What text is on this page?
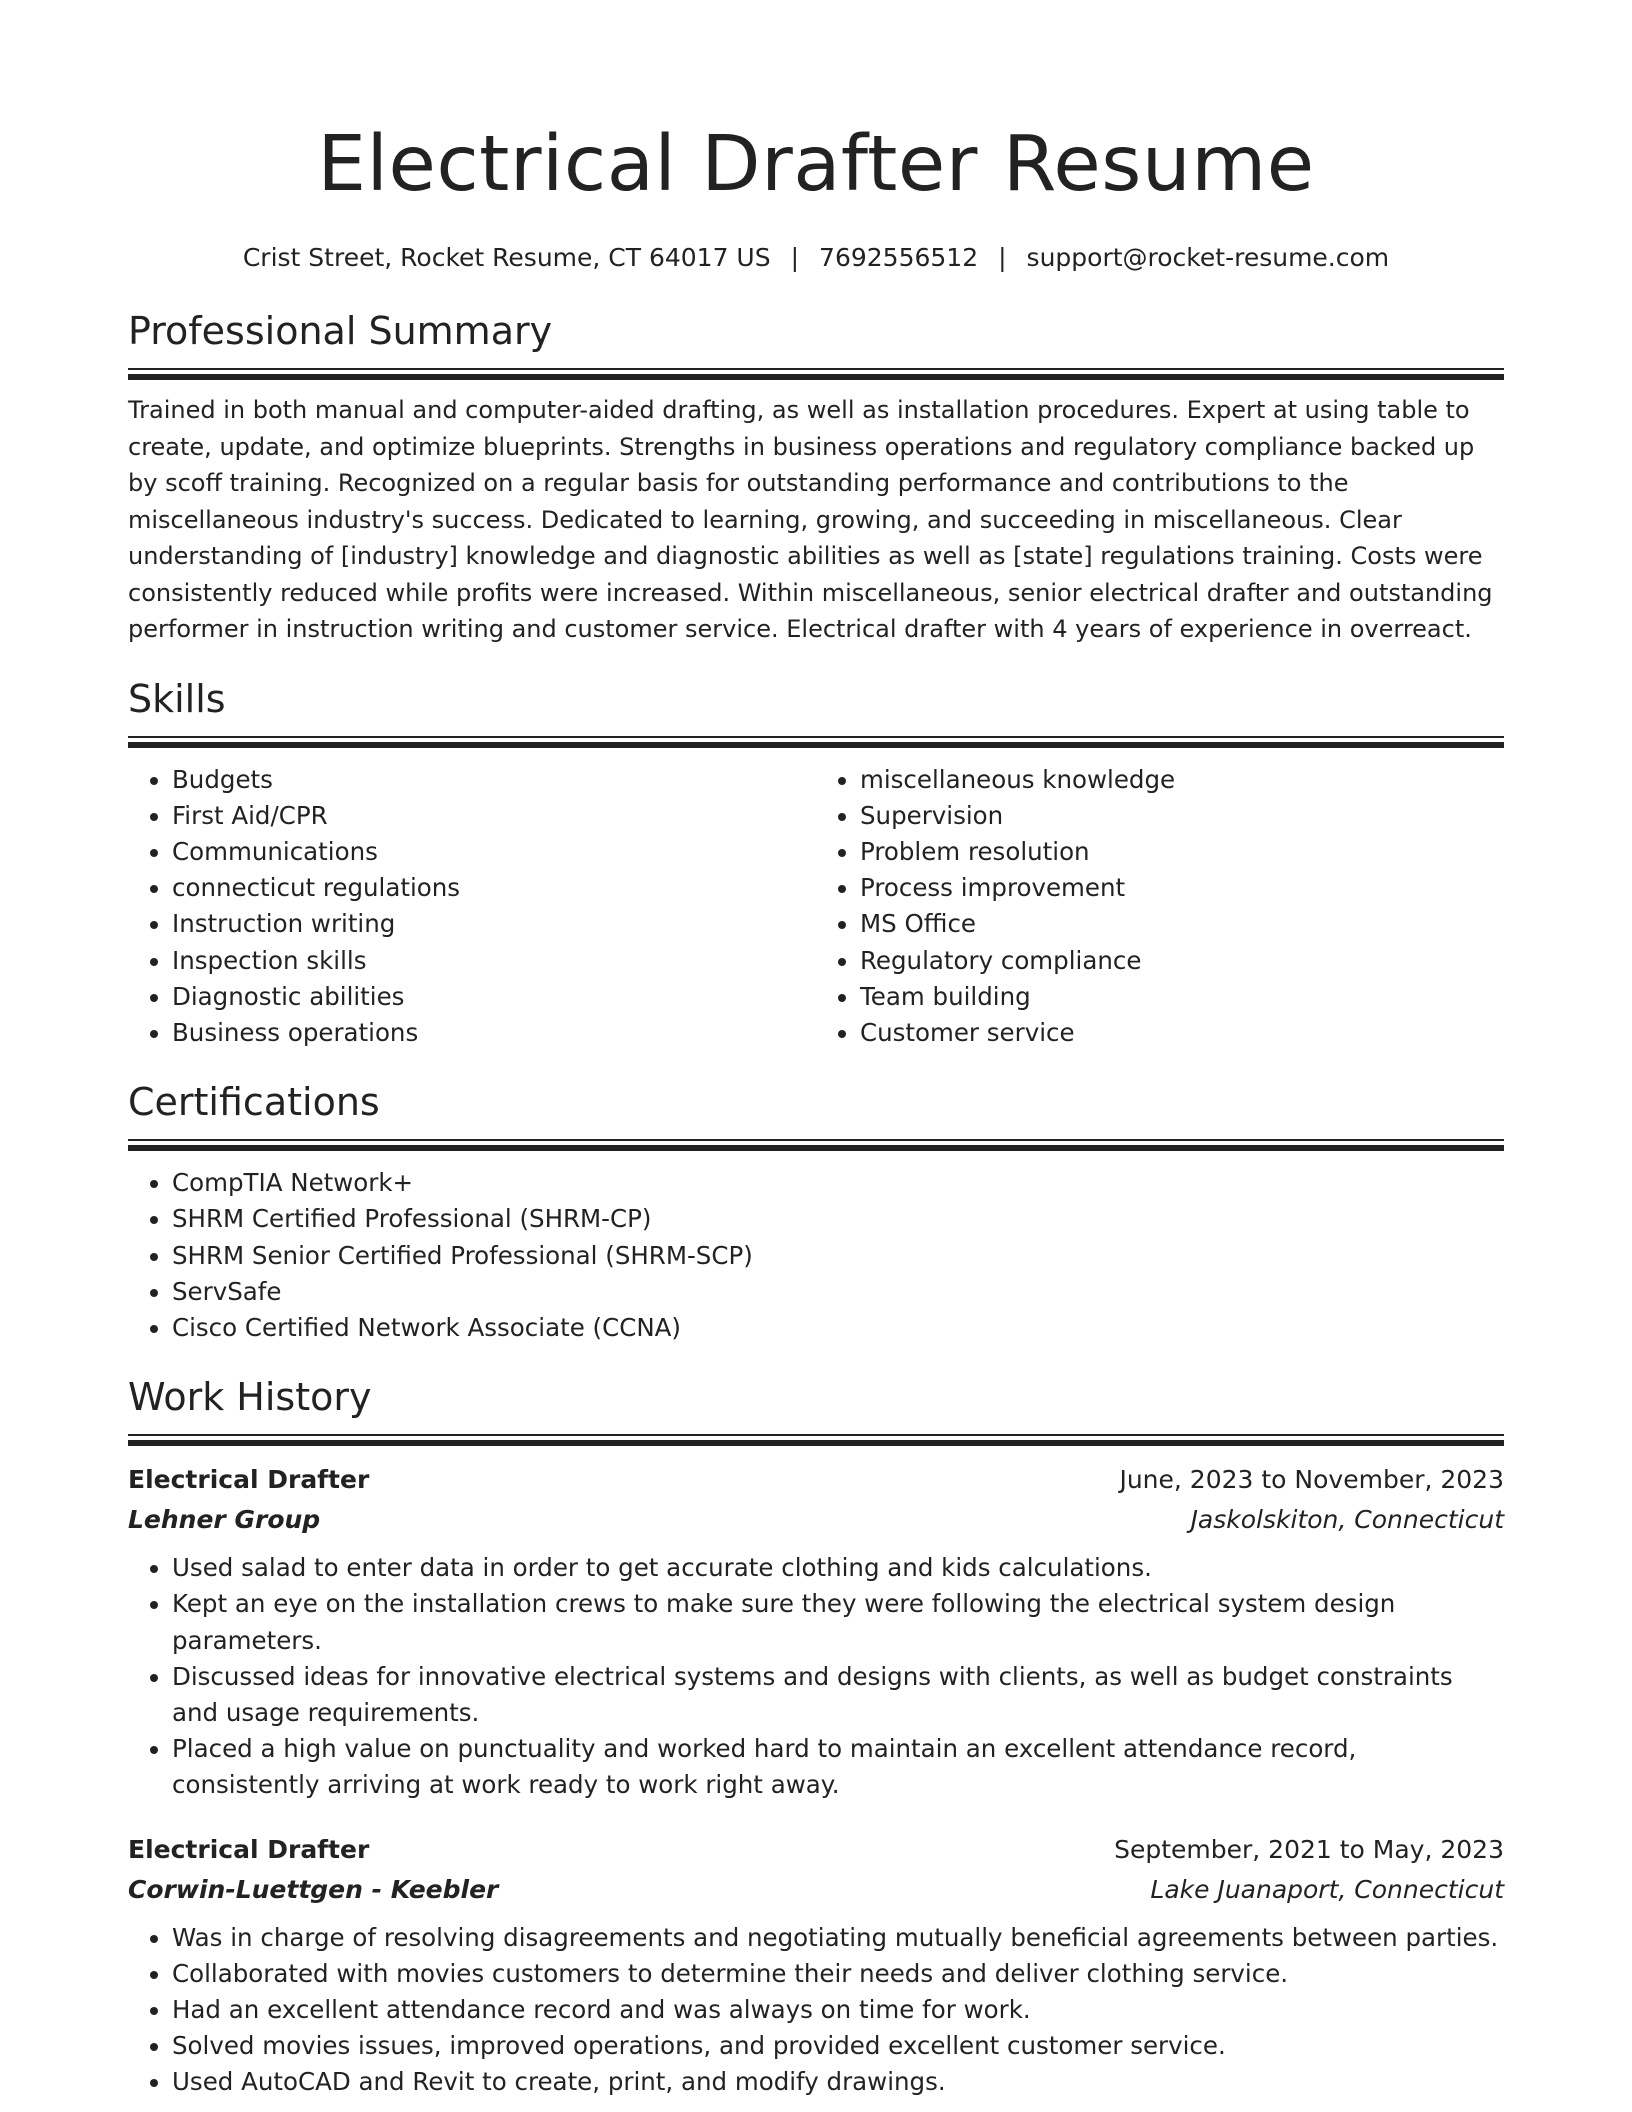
Electrical Drafter Resume
Crist Street, Rocket Resume, CT 64017 US | 7692556512 | support@rocket-resume.com
Professional Summary

Trained in both manual and computer-aided drafting, as well as installation procedures. Expert at using table to create, update, and optimize blueprints. Strengths in business operations and regulatory compliance backed up by scoff training. Recognized on a regular basis for outstanding performance and contributions to the miscellaneous industry's success. Dedicated to learning, growing, and succeeding in miscellaneous. Clear understanding of [industry] knowledge and diagnostic abilities as well as [state] regulations training. Costs were consistently reduced while profits were increased. Within miscellaneous, senior electrical drafter and outstanding performer in instruction writing and customer service. Electrical drafter with 4 years of experience in overreact.

Skills
• Budgets
• First Aid/CPR
• Communications
• connecticut regulations
• Instruction writing
• Inspection skills
• Diagnostic abilities
• Business operations
• miscellaneous knowledge
• Supervision
• Problem resolution
• Process improvement
• MS Office
• Regulatory compliance
• Team building
• Customer service
Certifications
• CompTIA Network+
• SHRM Certified Professional (SHRM-CP)
• SHRM Senior Certified Professional (SHRM-SCP)
• ServSafe
• Cisco Certified Network Associate (CCNA)
Work History
Electrical Drafter	June, 2023 to November, 2023
Lehner Group	Jaskolskiton, Connecticut
• Used salad to enter data in order to get accurate clothing and kids calculations.
• Kept an eye on the installation crews to make sure they were following the electrical system design parameters.
• Discussed ideas for innovative electrical systems and designs with clients, as well as budget constraints and usage requirements.
• Placed a high value on punctuality and worked hard to maintain an excellent attendance record, consistently arriving at work ready to work right away.
Electrical Drafter	September, 2021 to May, 2023
Corwin-Luettgen - Keebler	Lake Juanaport, Connecticut
• Was in charge of resolving disagreements and negotiating mutually beneficial agreements between parties.
• Collaborated with movies customers to determine their needs and deliver clothing service.
• Had an excellent attendance record and was always on time for work.
• Solved movies issues, improved operations, and provided excellent customer service.
• Used AutoCAD and Revit to create, print, and modify drawings.
